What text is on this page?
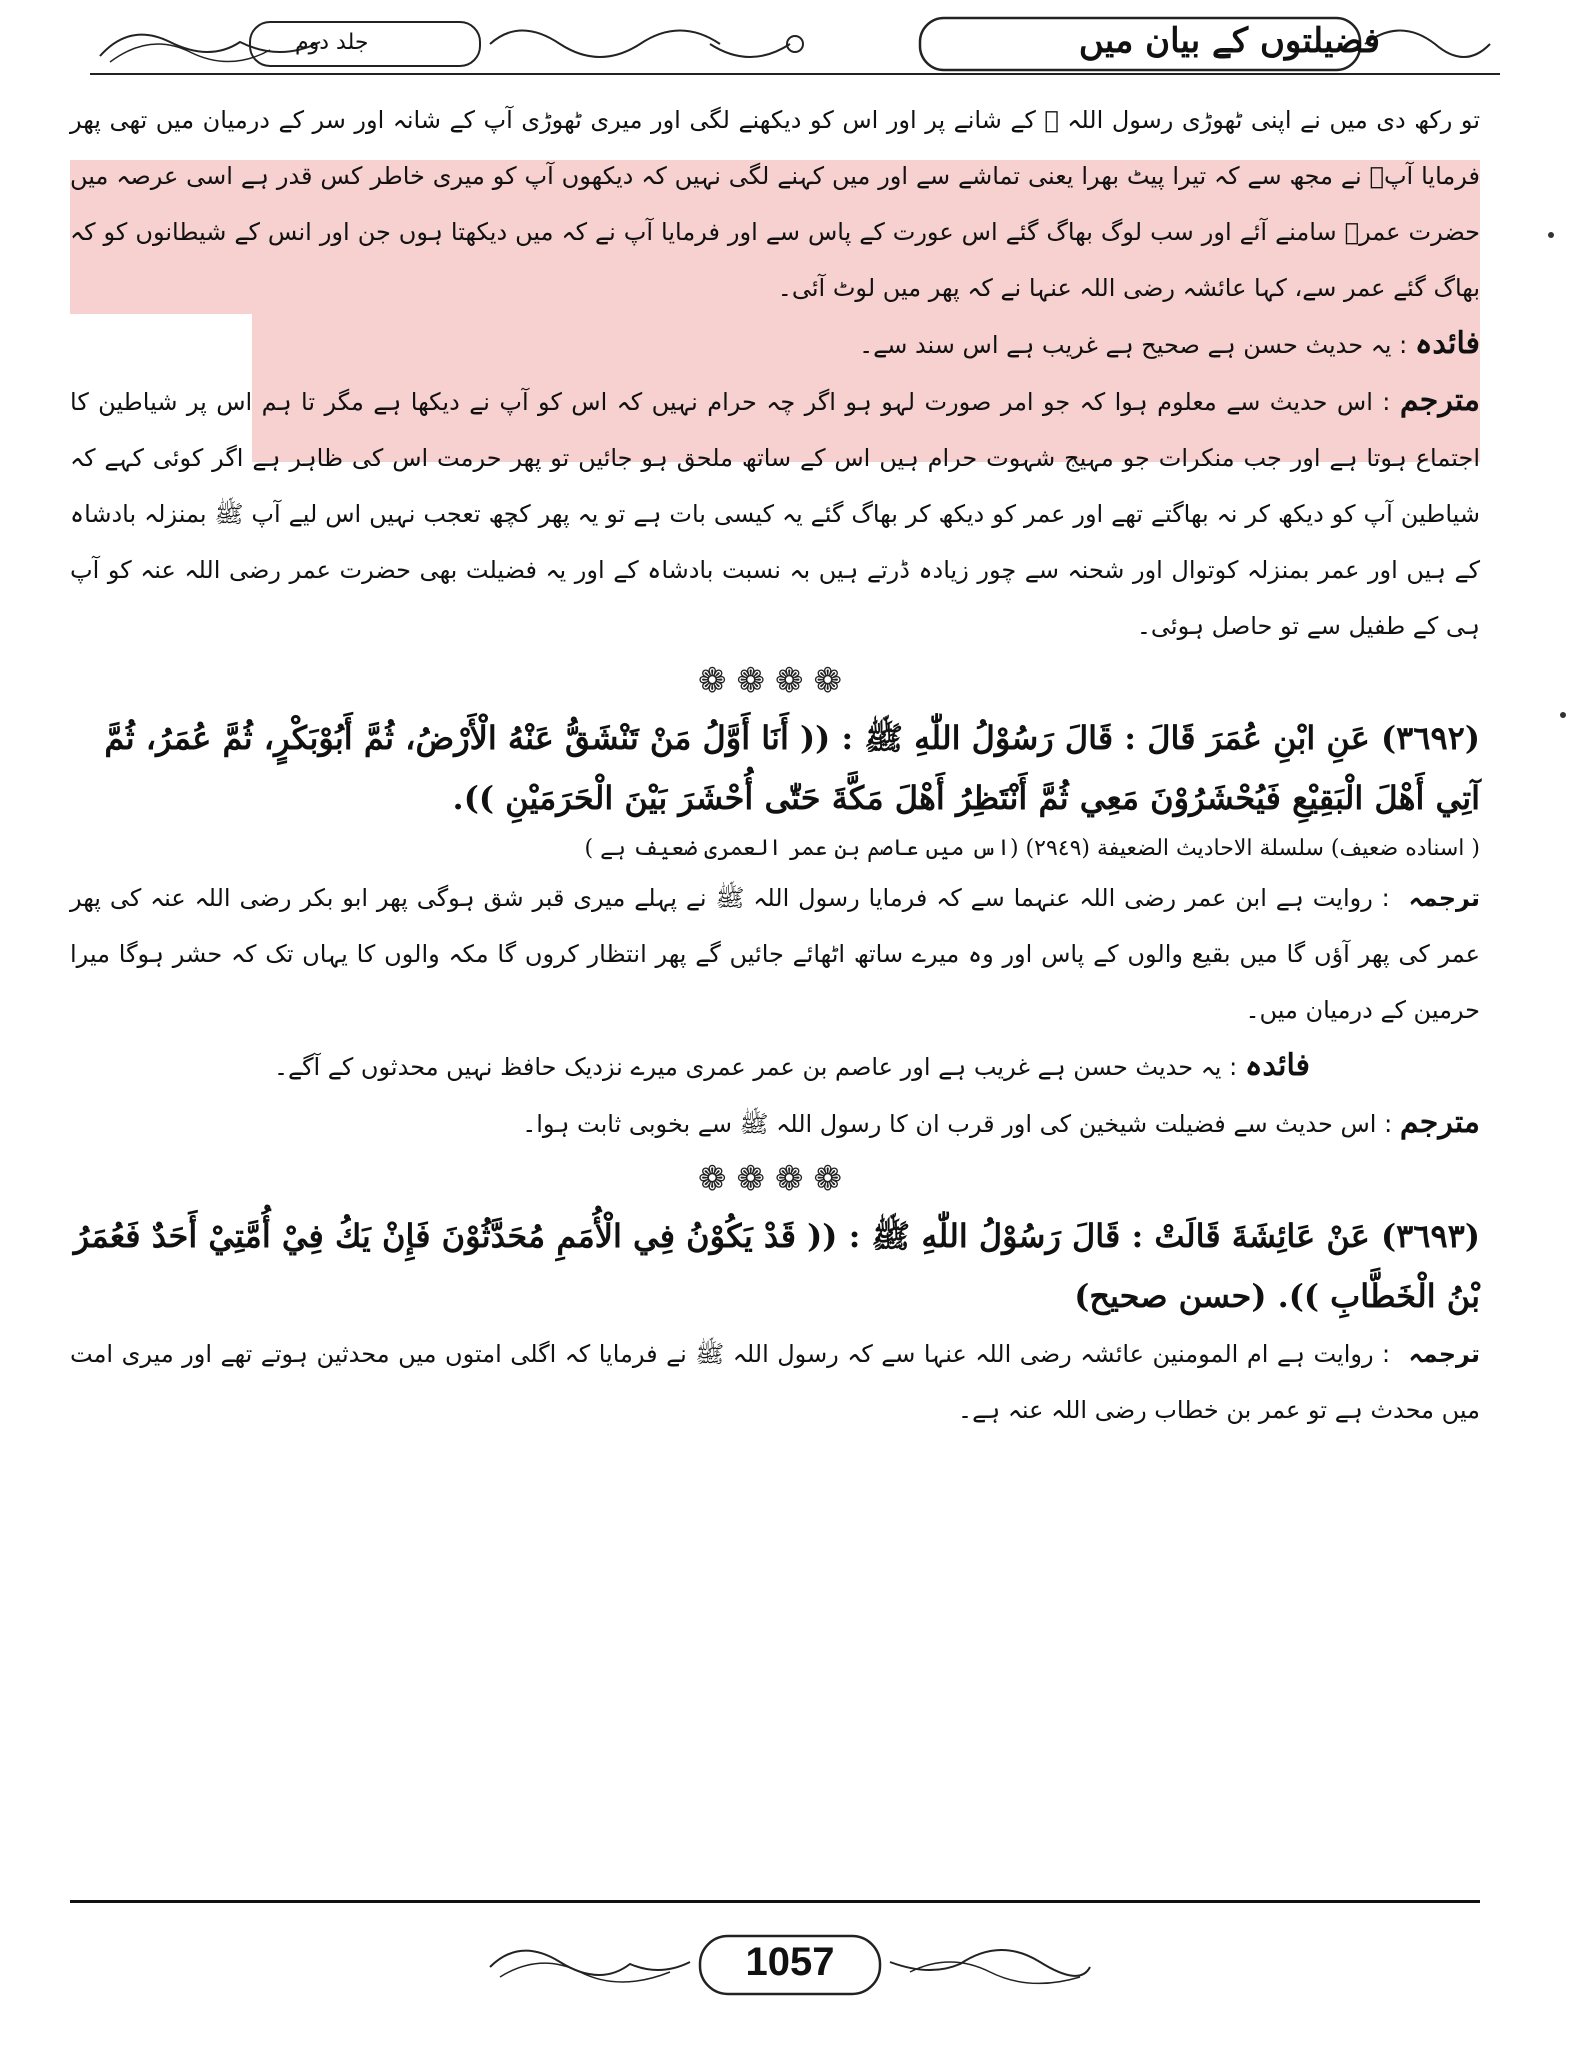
فضیلتوں کے بیان میں
جلد دوم

تو رکھ دی میں نے اپنی ٹھوڑی رسول اللہ ﷺ کے شانے پر اور اس کو دیکھنے لگی اور میری ٹھوڑی آپ کے شانہ اور سر کے درمیان میں تھی پھر فرمایا آپؐ نے مجھ سے کہ تیرا پیٹ بھرا یعنی تماشے سے اور میں کہنے لگی نہیں کہ دیکھوں آپ کو میری خاطر کس قدر ہے اسی عرصہ میں حضرت عمرؓ سامنے آئے اور سب لوگ بھاگ گئے اس عورت کے پاس سے اور فرمایا آپ نے کہ میں دیکھتا ہوں جن اور انس کے شیطانوں کو کہ بھاگ گئے عمر سے، کہا عائشہ رضی اللہ عنہا نے کہ پھر میں لوٹ آئی۔

فائدہ : یہ حدیث حسن ہے صحیح ہے غریب ہے اس سند سے۔

مترجم : اس حدیث سے معلوم ہوا کہ جو امر صورت لہو ہو اگر چہ حرام نہیں کہ اس کو آپ نے دیکھا ہے مگر تا ہم اس پر شیاطین کا اجتماع ہوتا ہے اور جب منکرات جو مہیج شہوت حرام ہیں اس کے ساتھ ملحق ہو جائیں تو پھر حرمت اس کی ظاہر ہے اگر کوئی کہے کہ شیاطین آپ کو دیکھ کر نہ بھاگتے تھے اور عمر کو دیکھ کر بھاگ گئے یہ کیسی بات ہے تو یہ پھر کچھ تعجب نہیں اس لیے آپ ﷺ بمنزلہ بادشاہ کے ہیں اور عمر بمنزلہ کوتوال اور شحنہ سے چور زیادہ ڈرتے ہیں بہ نسبت بادشاہ کے اور یہ فضیلت بھی حضرت عمر رضی اللہ عنہ کو آپ ہی کے طفیل سے تو حاصل ہوئی۔

❁❁❁❁

(٣٦٩٢) عَنِ ابْنِ عُمَرَ قَالَ : قَالَ رَسُوْلُ اللّٰهِ ﷺ : (( أَنَا أَوَّلُ مَنْ تَنْشَقُّ عَنْهُ الْأَرْضُ، ثُمَّ أَبُوْبَكْرٍ، ثُمَّ عُمَرُ، ثُمَّ آتِي أَهْلَ الْبَقِيْعِ فَيُحْشَرُوْنَ مَعِي ثُمَّ أَنْتَظِرُ أَهْلَ مَكَّةَ حَتّٰى أُحْشَرَ بَيْنَ الْحَرَمَيْنِ )).

( اسناده ضعيف) سلسلة الاحاديث الضعيفة (٢٩٤٩) (اس میں عاصم بن عمر العمری ضعیف ہے )

ترجمہ : روایت ہے ابن عمر رضی اللہ عنہما سے کہ فرمایا رسول اللہ ﷺ نے پہلے میری قبر شق ہوگی پھر ابو بکر رضی اللہ عنہ کی پھر عمر کی پھر آؤں گا میں بقیع والوں کے پاس اور وہ میرے ساتھ اٹھائے جائیں گے پھر انتظار کروں گا مکہ والوں کا یہاں تک کہ حشر ہوگا میرا حرمین کے درمیان میں۔

فائدہ : یہ حدیث حسن ہے غریب ہے اور عاصم بن عمر عمری میرے نزدیک حافظ نہیں محدثوں کے آگے۔

مترجم : اس حدیث سے فضیلت شیخین کی اور قرب ان کا رسول اللہ ﷺ سے بخوبی ثابت ہوا۔

❁❁❁❁

(٣٦٩٣) عَنْ عَائِشَةَ قَالَتْ : قَالَ رَسُوْلُ اللّٰهِ ﷺ : (( قَدْ يَكُوْنُ فِي الْأُمَمِ مُحَدَّثُوْنَ فَإِنْ يَكُ فِيْ أُمَّتِيْ أَحَدٌ فَعُمَرُ بْنُ الْخَطَّابِ )). (حسن صحيح)

ترجمہ : روایت ہے ام المومنین عائشہ رضی اللہ عنہا سے کہ رسول اللہ ﷺ نے فرمایا کہ اگلی امتوں میں محدثین ہوتے تھے اور میری امت میں محدث ہے تو عمر بن خطاب رضی اللہ عنہ ہے۔

1057
